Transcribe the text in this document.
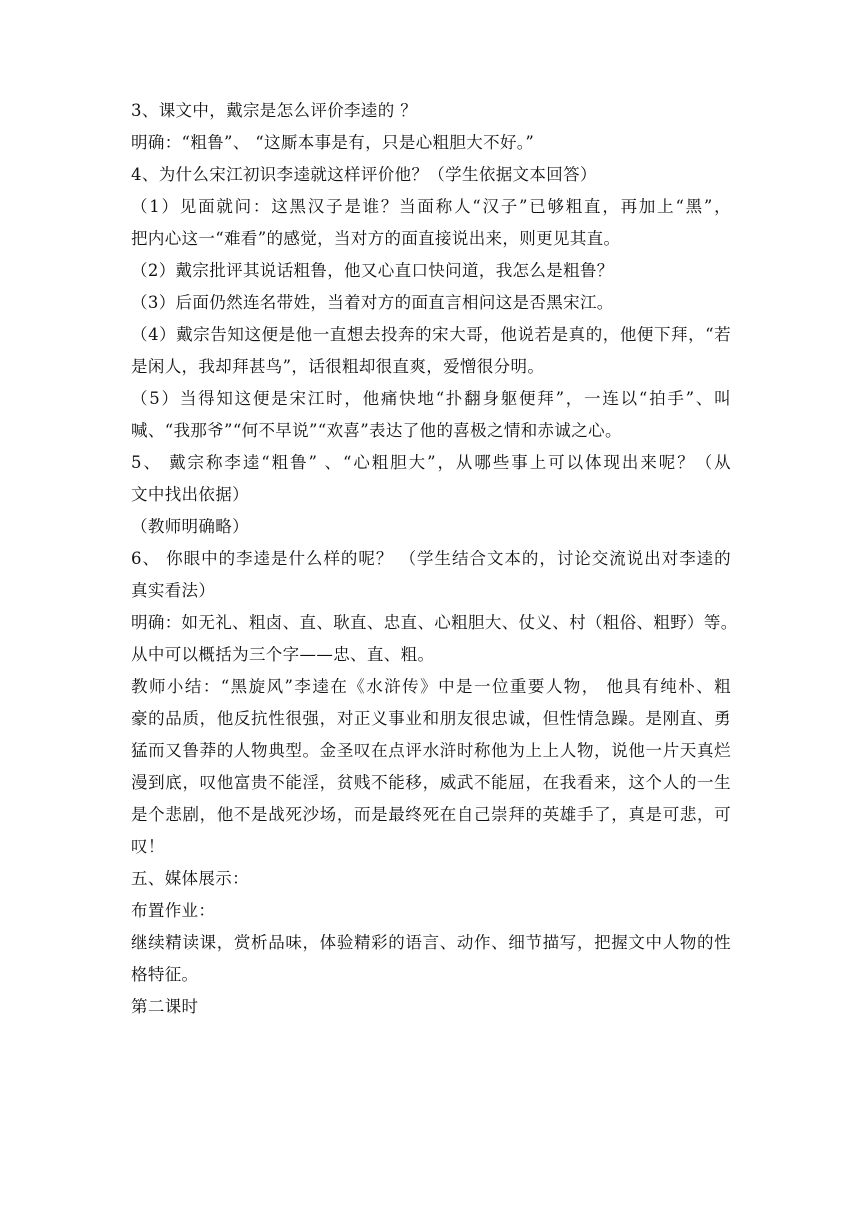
3、课文中，戴宗是怎么评价李逵的 ？

明确：“粗鲁”、 “这厮本事是有，只是心粗胆大不好。”

4、为什么宋江初识李逵就这样评价他？（学生依据文本回答）

（1）见面就问：这黑汉子是谁？当面称人“汉子”已够粗直，再加上“黑”，

把内心这一“难看”的感觉，当对方的面直接说出来，则更见其直。

（2）戴宗批评其说话粗鲁，他又心直口快问道，我怎么是粗鲁？

（3）后面仍然连名带姓，当着对方的面直言相问这是否黑宋江。

（4）戴宗告知这便是他一直想去投奔的宋大哥，他说若是真的，他便下拜，“若

是闲人，我却拜甚鸟”，话很粗却很直爽，爱憎很分明。

（5）当得知这便是宋江时，他痛快地“扑翻身躯便拜”，一连以“拍手”、叫

喊、“我那爷”“何不早说”“欢喜”表达了他的喜极之情和赤诚之心。

5、 戴宗称李逵“粗鲁” 、“心粗胆大”，从哪些事上可以体现出来呢？（从

文中找出依据）

（教师明确略）

6、 你眼中的李逵是什么样的呢？ （学生结合文本的，讨论交流说出对李逵的

真实看法）

明确：如无礼、粗卤、直、耿直、忠直、心粗胆大、仗义、村（粗俗、粗野）等。

从中可以概括为三个字——忠、直、粗。

教师小结：“黑旋风”李逵在《水浒传》中是一位重要人物， 他具有纯朴、粗

豪的品质，他反抗性很强，对正义事业和朋友很忠诚，但性情急躁。是刚直、勇

猛而又鲁莽的人物典型。金圣叹在点评水浒时称他为上上人物，说他一片天真烂

漫到底，叹他富贵不能淫，贫贱不能移，威武不能屈，在我看来，这个人的一生

是个悲剧，他不是战死沙场，而是最终死在自己崇拜的英雄手了，真是可悲，可

叹！

五、媒体展示：

布置作业：

继续精读课，赏析品味，体验精彩的语言、动作、细节描写，把握文中人物的性

格特征。

第二课时
